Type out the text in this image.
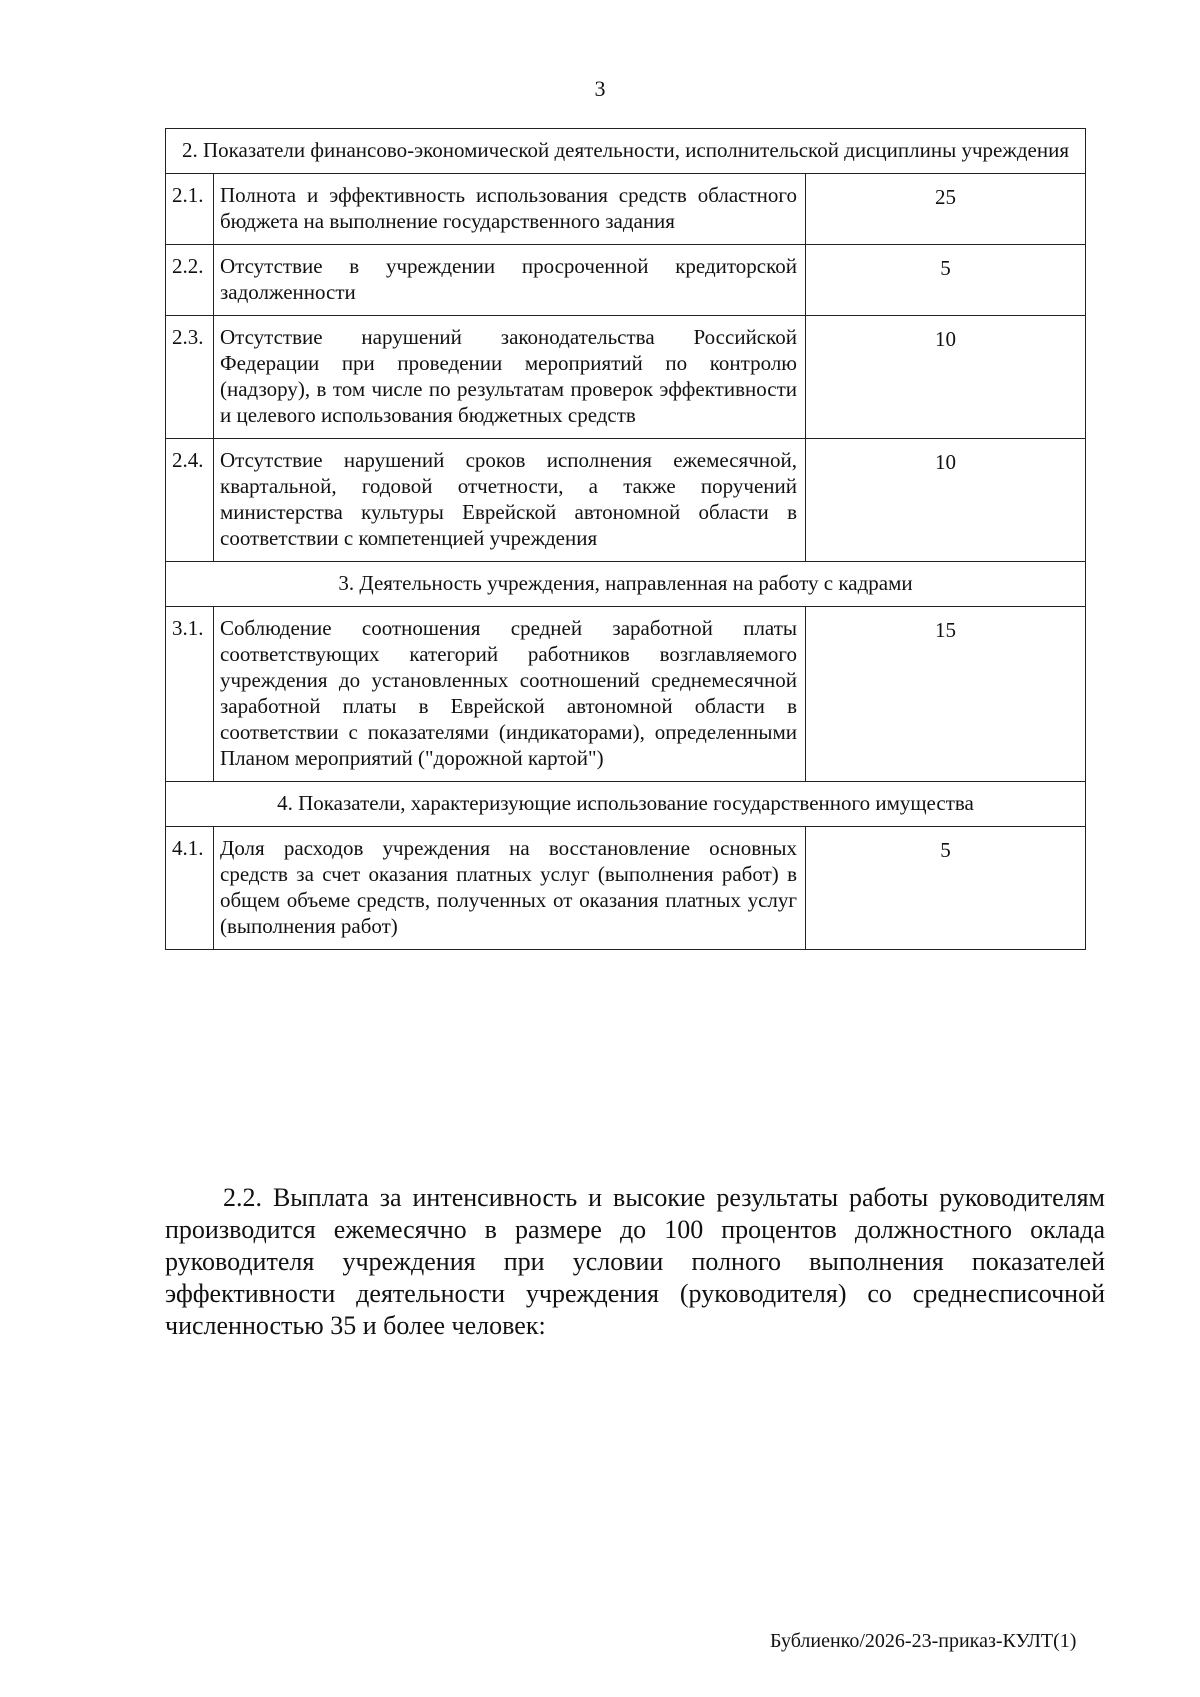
3
2. Показатели финансово-экономической деятельности, исполнительской дисциплины учреждения		
2.1.	Полнота и эффективность использования средств областного бюджета на выполнение государственного задания	25
2.2.	Отсутствие в учреждении просроченной кредиторской задолженности	5
2.3.	Отсутствие нарушений законодательства Российской Федерации при проведении мероприятий по контролю (надзору), в том числе по результатам проверок эффективности и целевого использования бюджетных средств	10
2.4.	Отсутствие нарушений сроков исполнения ежемесячной, квартальной, годовой отчетности, а также поручений министерства культуры Еврейской автономной области в соответствии с компетенцией учреждения	10
3. Деятельность учреждения, направленная на работу с кадрами		
3.1.	Соблюдение соотношения средней заработной платы соответствующих категорий работников возглавляемого учреждения до установленных соотношений среднемесячной заработной платы в Еврейской автономной области в соответствии с показателями (индикаторами), определенными Планом мероприятий ("дорожной картой")	15
4. Показатели, характеризующие использование государственного имущества		
4.1.	Доля расходов учреждения на восстановление основных средств за счет оказания платных услуг (выполнения работ) в общем объеме средств, полученных от оказания платных услуг (выполнения работ)	5

2.2. Выплата за интенсивность и высокие результаты работы руководителям производится ежемесячно в размере до 100 процентов должностного оклада руководителя учреждения при условии полного выполнения показателей эффективности деятельности учреждения (руководителя) со среднесписочной численностью 35 и более человек:

Бублиенко/2026-23-приказ-КУЛТ(1)
